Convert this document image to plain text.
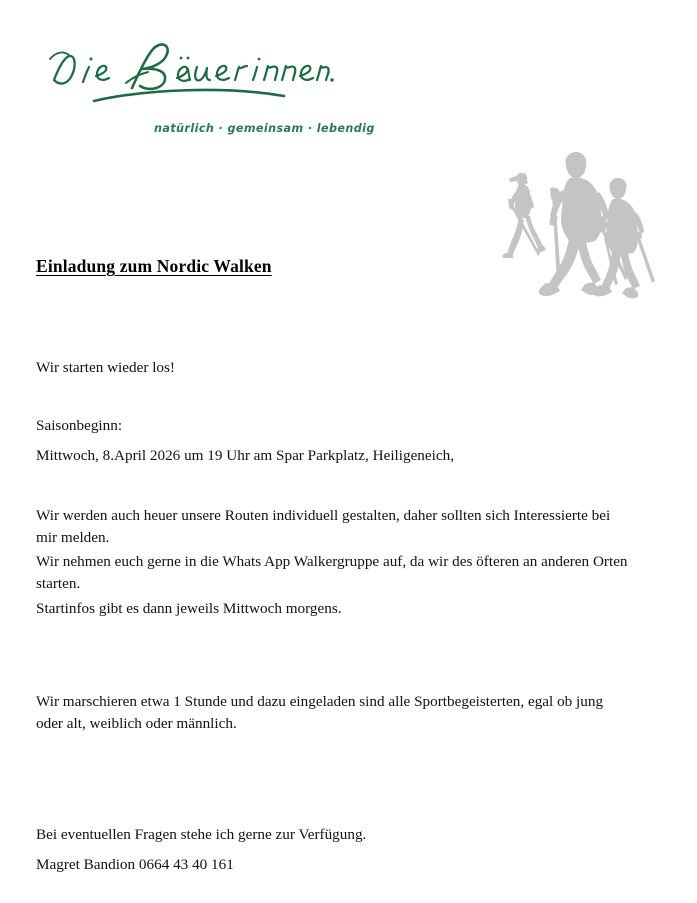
natürlich · gemeinsam · lebendig
Einladung zum Nordic Walken
Wir starten wieder los!
Saisonbeginn:
Mittwoch, 8.April 2026 um 19 Uhr am Spar Parkplatz, Heiligeneich,
Wir werden auch heuer unsere Routen individuell gestalten, daher sollten sich Interessierte bei mir melden.
Wir nehmen euch gerne in die Whats App Walkergruppe auf, da wir des öfteren an anderen Orten starten.
Startinfos gibt es dann jeweils Mittwoch morgens.
Wir marschieren etwa 1 Stunde und dazu eingeladen sind alle Sportbegeisterten, egal ob jung oder alt, weiblich oder männlich.
Bei eventuellen Fragen stehe ich gerne zur Verfügung.
Magret Bandion 0664 43 40 161
